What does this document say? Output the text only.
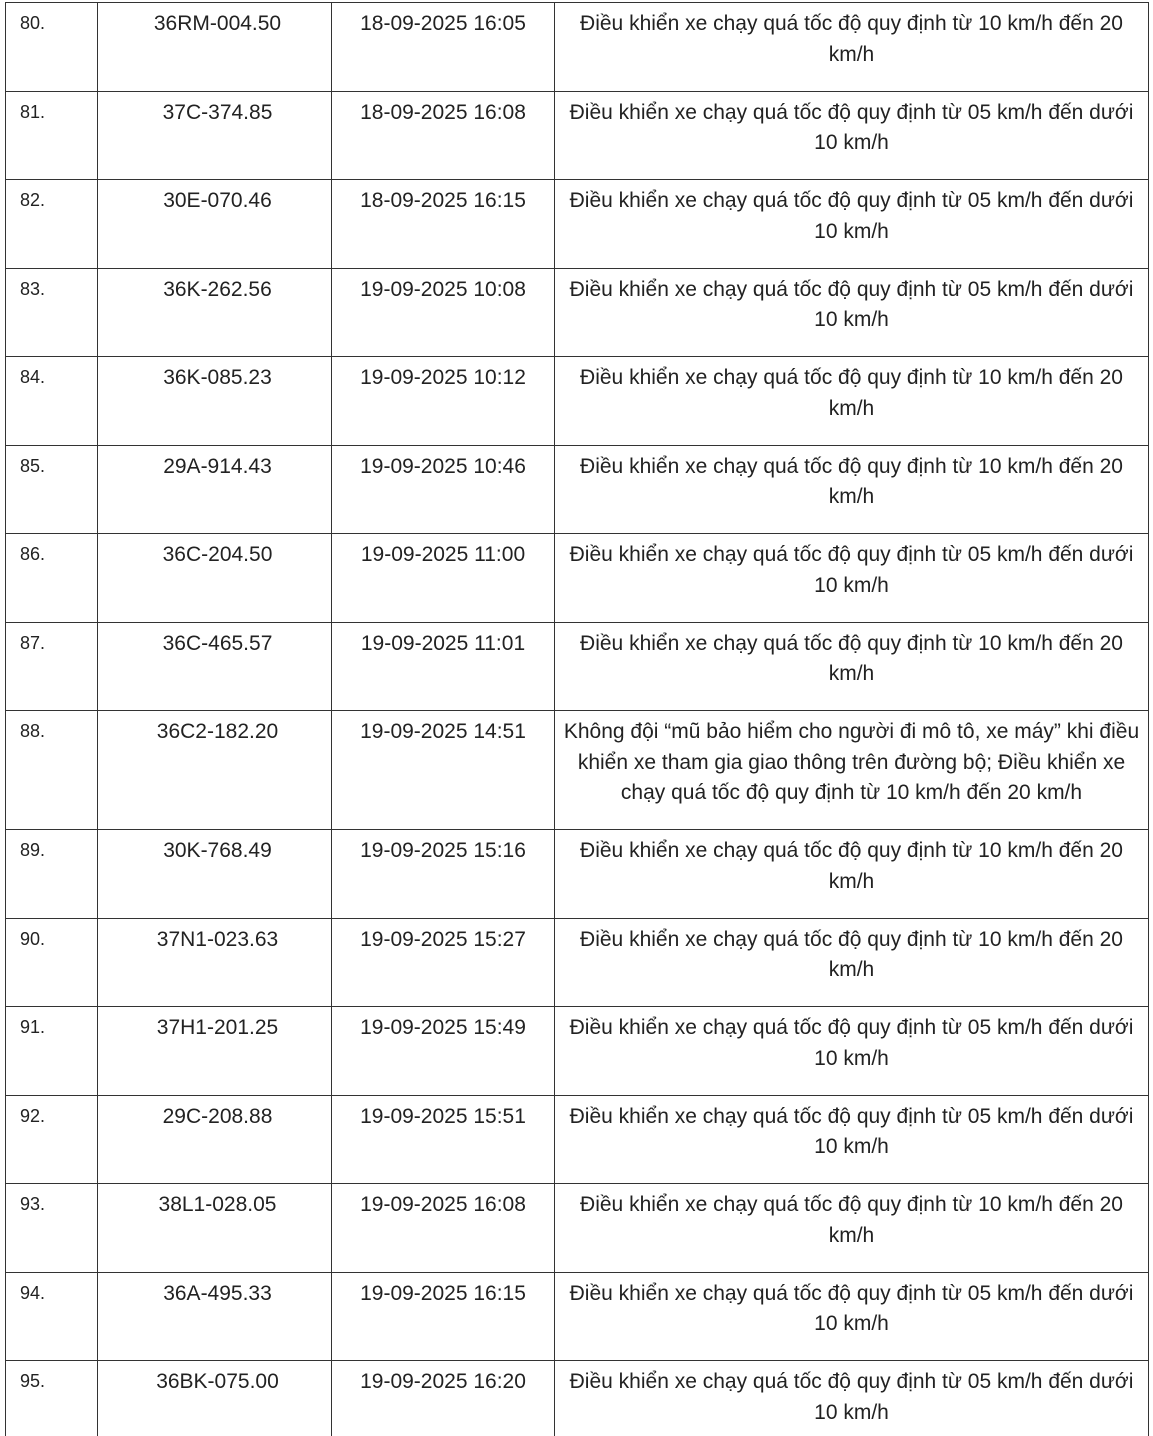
80.	36RM-004.50	18-09-2025 16:05	Điều khiển xe chạy quá tốc độ quy định từ 10 km/h đến 20 km/h
81.	37C-374.85	18-09-2025 16:08	Điều khiển xe chạy quá tốc độ quy định từ 05 km/h đến dưới 10 km/h
82.	30E-070.46	18-09-2025 16:15	Điều khiển xe chạy quá tốc độ quy định từ 05 km/h đến dưới 10 km/h
83.	36K-262.56	19-09-2025 10:08	Điều khiển xe chạy quá tốc độ quy định từ 05 km/h đến dưới 10 km/h
84.	36K-085.23	19-09-2025 10:12	Điều khiển xe chạy quá tốc độ quy định từ 10 km/h đến 20 km/h
85.	29A-914.43	19-09-2025 10:46	Điều khiển xe chạy quá tốc độ quy định từ 10 km/h đến 20 km/h
86.	36C-204.50	19-09-2025 11:00	Điều khiển xe chạy quá tốc độ quy định từ 05 km/h đến dưới 10 km/h
87.	36C-465.57	19-09-2025 11:01	Điều khiển xe chạy quá tốc độ quy định từ 10 km/h đến 20 km/h
88.	36C2-182.20	19-09-2025 14:51	Không đội “mũ bảo hiểm cho người đi mô tô, xe máy” khi điều khiển xe tham gia giao thông trên đường bộ; Điều khiển xe chạy quá tốc độ quy định từ 10 km/h đến 20 km/h
89.	30K-768.49	19-09-2025 15:16	Điều khiển xe chạy quá tốc độ quy định từ 10 km/h đến 20 km/h
90.	37N1-023.63	19-09-2025 15:27	Điều khiển xe chạy quá tốc độ quy định từ 10 km/h đến 20 km/h
91.	37H1-201.25	19-09-2025 15:49	Điều khiển xe chạy quá tốc độ quy định từ 05 km/h đến dưới 10 km/h
92.	29C-208.88	19-09-2025 15:51	Điều khiển xe chạy quá tốc độ quy định từ 05 km/h đến dưới 10 km/h
93.	38L1-028.05	19-09-2025 16:08	Điều khiển xe chạy quá tốc độ quy định từ 10 km/h đến 20 km/h
94.	36A-495.33	19-09-2025 16:15	Điều khiển xe chạy quá tốc độ quy định từ 05 km/h đến dưới 10 km/h
95.	36BK-075.00	19-09-2025 16:20	Điều khiển xe chạy quá tốc độ quy định từ 05 km/h đến dưới 10 km/h
